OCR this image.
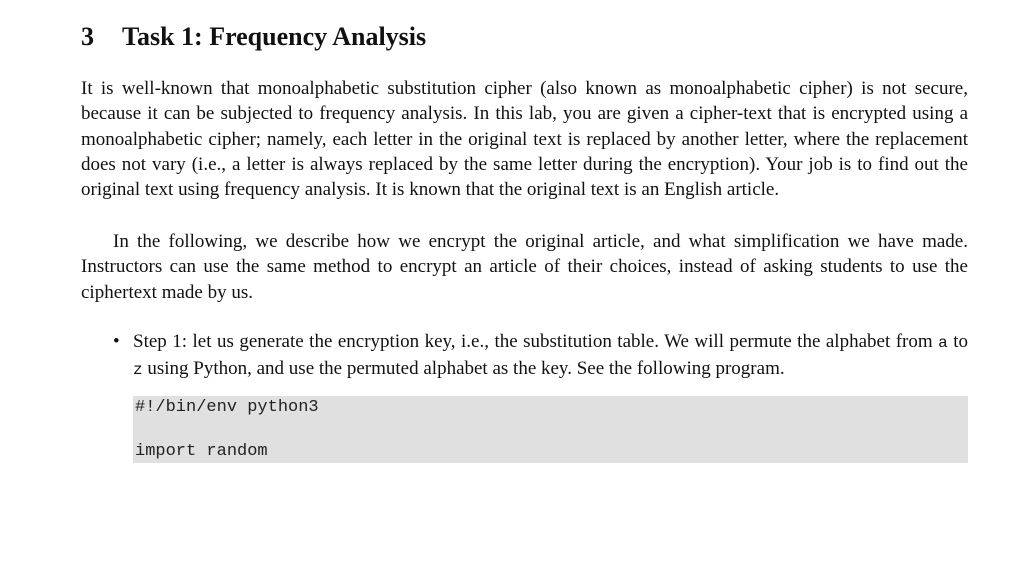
3 Task 1: Frequency Analysis

It is well-known that monoalphabetic substitution cipher (also known as monoalphabetic cipher) is not secure, because it can be subjected to frequency analysis. In this lab, you are given a cipher-text that is encrypted using a monoalphabetic cipher; namely, each letter in the original text is replaced by another letter, where the replacement does not vary (i.e., a letter is always replaced by the same letter during the encryption). Your job is to find out the original text using frequency analysis. It is known that the original text is an English article.

In the following, we describe how we encrypt the original article, and what simplification we have made. Instructors can use the same method to encrypt an article of their choices, instead of asking students to use the ciphertext made by us.

• Step 1: let us generate the encryption key, i.e., the substitution table. We will permute the alphabet from a to z using Python, and use the permuted alphabet as the key. See the following program.

#!/bin/env python3
import random
